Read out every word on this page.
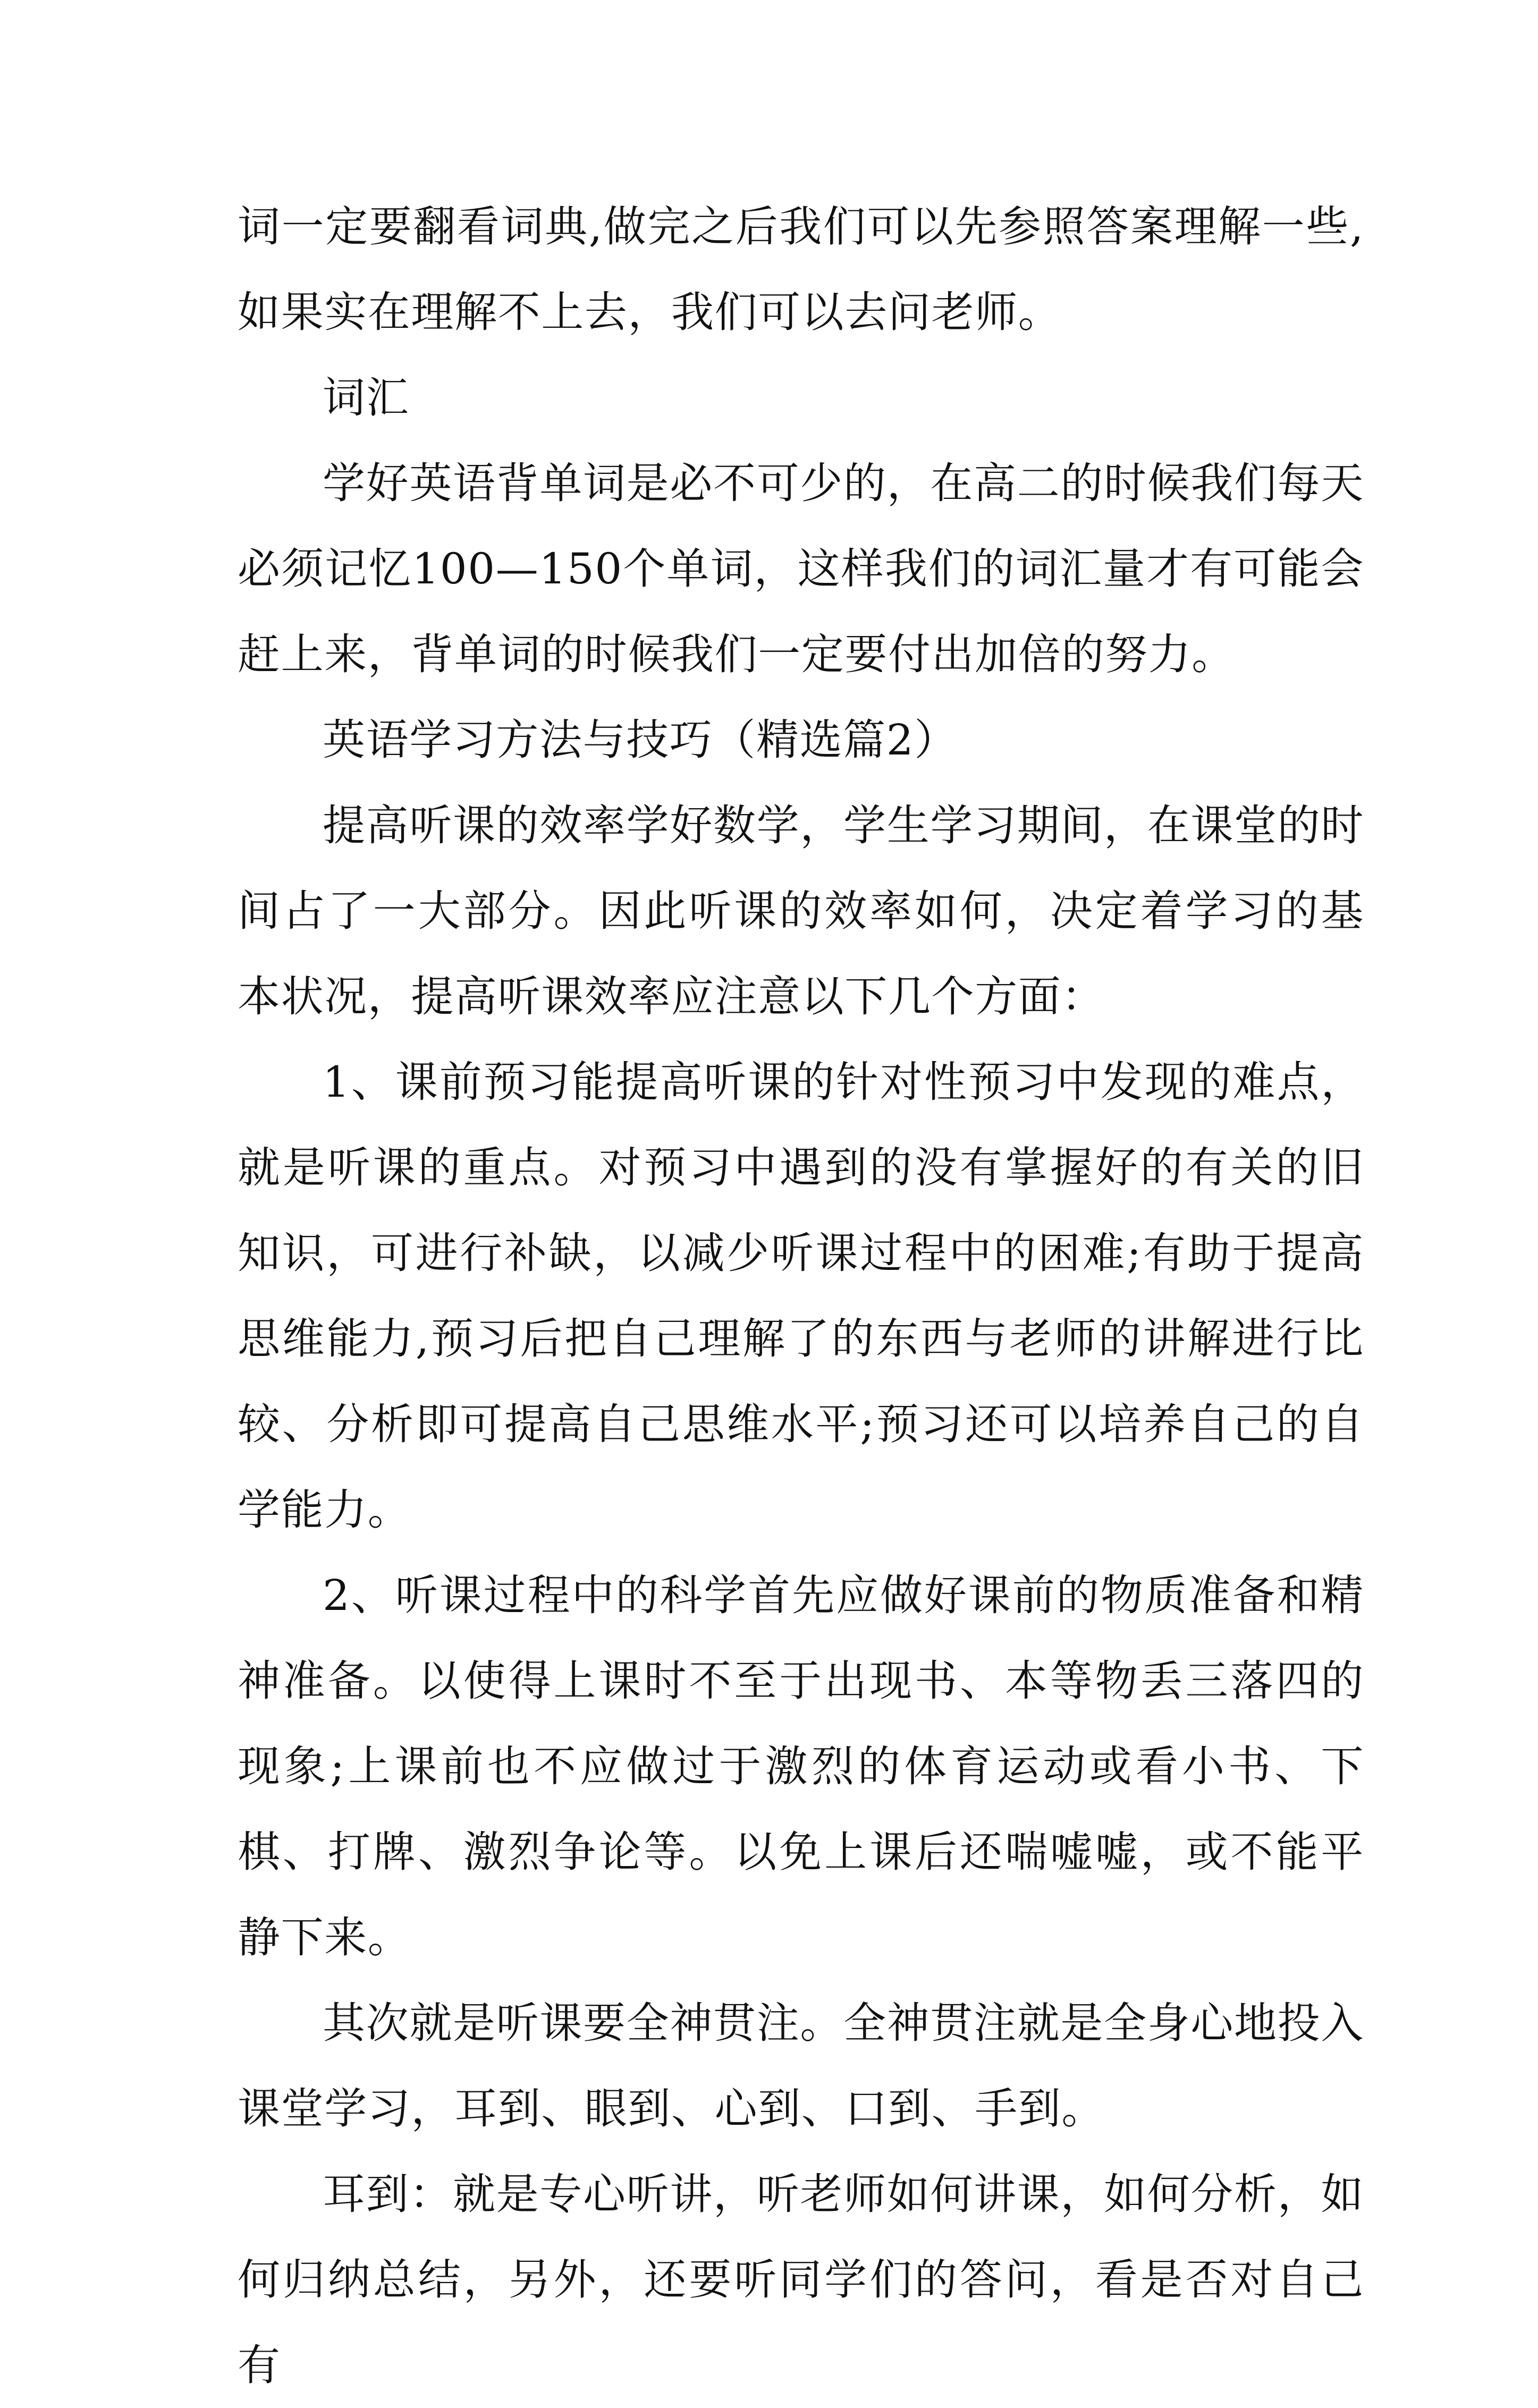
词一定要翻看词典,做完之后我们可以先参照答案理解一些,如果实在理解不上去，我们可以去问老师。

词汇

学好英语背单词是必不可少的，在高二的时候我们每天必须记忆100—150个单词，这样我们的词汇量才有可能会赶上来，背单词的时候我们一定要付出加倍的努力。

英语学习方法与技巧（精选篇2）

提高听课的效率学好数学，学生学习期间，在课堂的时间占了一大部分。因此听课的效率如何，决定着学习的基本状况，提高听课效率应注意以下几个方面：

1、课前预习能提高听课的针对性预习中发现的难点，就是听课的重点。对预习中遇到的没有掌握好的有关的旧知识，可进行补缺，以减少听课过程中的困难;有助于提高思维能力,预习后把自己理解了的东西与老师的讲解进行比较、分析即可提高自己思维水平;预习还可以培养自己的自学能力。

2、听课过程中的科学首先应做好课前的物质准备和精神准备。以使得上课时不至于出现书、本等物丢三落四的现象;上课前也不应做过于激烈的体育运动或看小书、下棋、打牌、激烈争论等。以免上课后还喘嘘嘘，或不能平静下来。

其次就是听课要全神贯注。全神贯注就是全身心地投入课堂学习，耳到、眼到、心到、口到、手到。

耳到：就是专心听讲，听老师如何讲课，如何分析，如何归纳总结，另外，还要听同学们的答问，看是否对自己有
